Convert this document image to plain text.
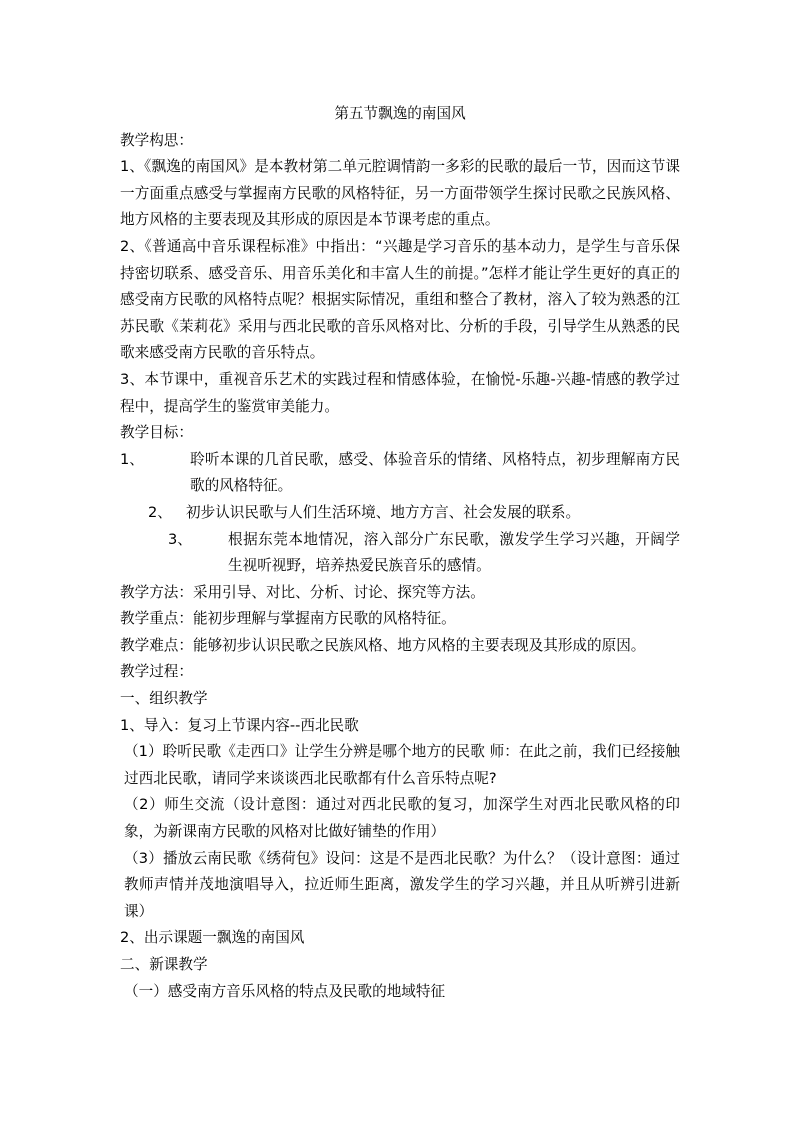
第五节飘逸的南国风

教学构思：

1、《飘逸的南国风》是本教材第二单元腔调情韵一多彩的民歌的最后一节，因而这节课一方面重点感受与掌握南方民歌的风格特征，另一方面带领学生探讨民歌之民族风格、地方风格的主要表现及其形成的原因是本节课考虑的重点。

2、《普通高中音乐课程标准》中指出：“兴趣是学习音乐的基本动力，是学生与音乐保持密切联系、感受音乐、用音乐美化和丰富人生的前提。”怎样才能让学生更好的真正的感受南方民歌的风格特点呢？根据实际情况，重组和整合了教材，溶入了较为熟悉的江苏民歌《茉莉花》采用与西北民歌的音乐风格对比、分析的手段，引导学生从熟悉的民歌来感受南方民歌的音乐特点。

3、本节课中，重视音乐艺术的实践过程和情感体验，在愉悦-乐趣-兴趣-情感的教学过程中，提高学生的鉴赏审美能力。

教学目标：

1、	聆听本课的几首民歌，感受、体验音乐的情绪、风格特点，初步理解南方民歌的风格特征。
2、 初步认识民歌与人们生活环境、地方方言、社会发展的联系。
3、	根据东莞本地情况，溶入部分广东民歌，激发学生学习兴趣，开阔学生视听视野，培养热爱民族音乐的感情。

教学方法：采用引导、对比、分析、讨论、探究等方法。

教学重点：能初步理解与掌握南方民歌的风格特征。

教学难点：能够初步认识民歌之民族风格、地方风格的主要表现及其形成的原因。

教学过程：

一、组织教学

1、导入：复习上节课内容--西北民歌

（1）聆听民歌《走西口》让学生分辨是哪个地方的民歌 师：在此之前，我们已经接触过西北民歌，请同学来谈谈西北民歌都有什么音乐特点呢?

（2）师生交流（设计意图：通过对西北民歌的复习，加深学生对西北民歌风格的印象，为新课南方民歌的风格对比做好铺垫的作用）

（3）播放云南民歌《绣荷包》设问：这是不是西北民歌？为什么？（设计意图：通过教师声情并茂地演唱导入，拉近师生距离，激发学生的学习兴趣，并且从听辨引进新课）

2、出示课题一飘逸的南国风

二、新课教学

（一）感受南方音乐风格的特点及民歌的地域特征
